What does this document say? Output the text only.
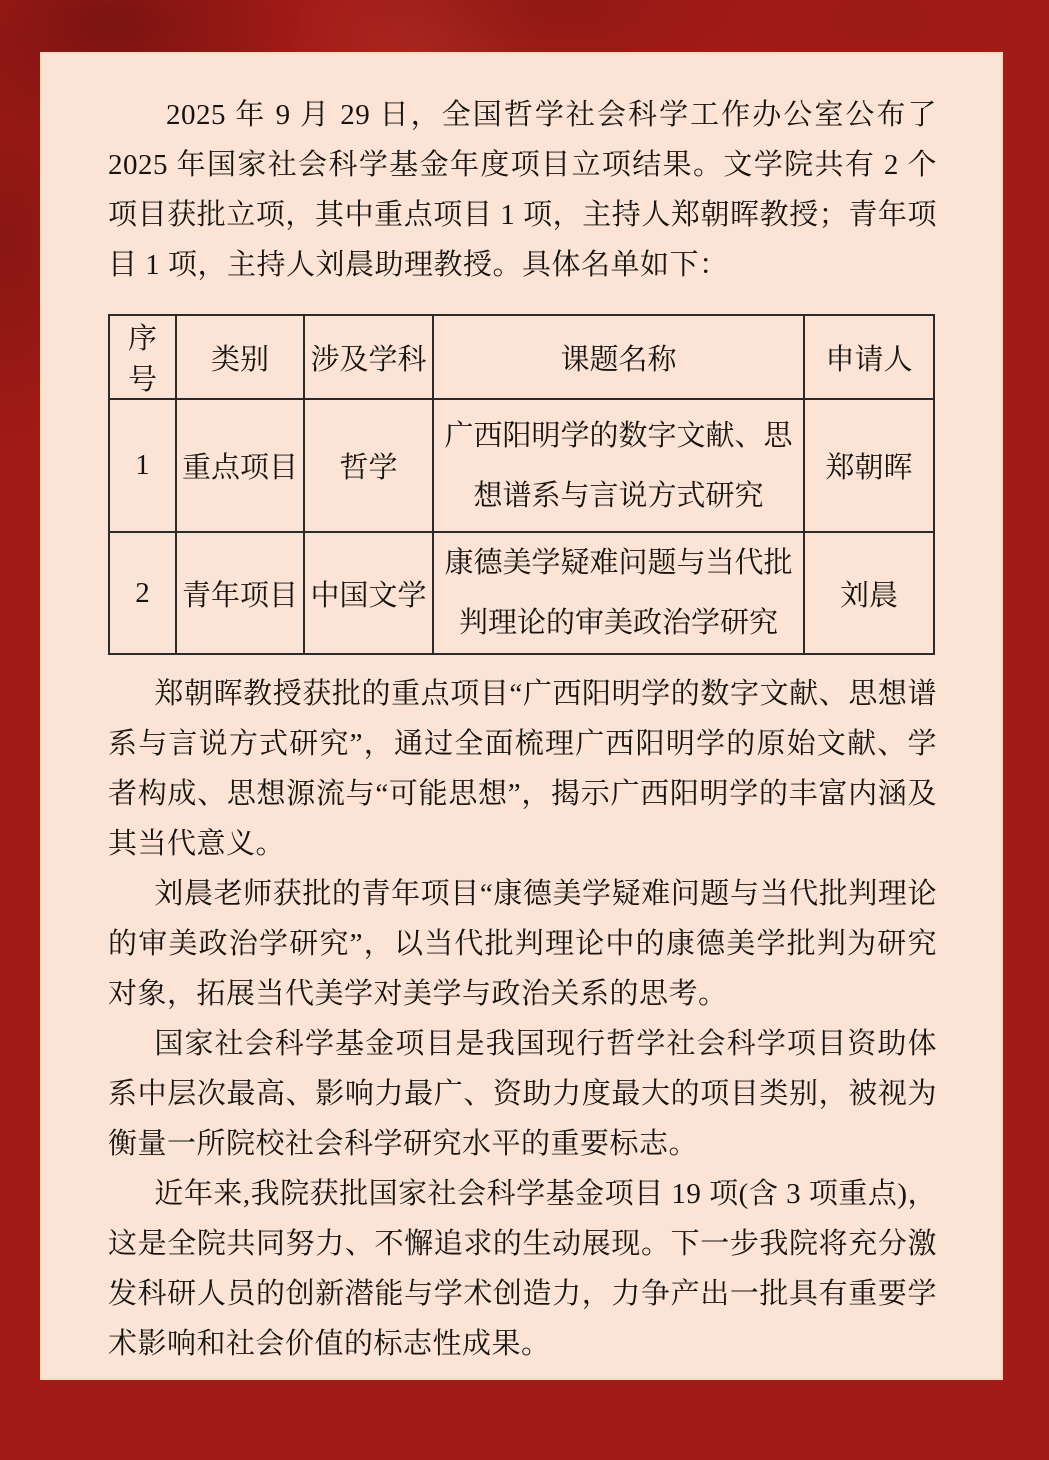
2025 年 9 月 29 日，全国哲学社会科学工作办公室公布了 2025 年国家社会科学基金年度项目立项结果。文学院共有 2 个项目获批立项，其中重点项目 1 项，主持人郑朝晖教授；青年项目 1 项，主持人刘晨助理教授。具体名单如下：

序号	类别	涉及学科	课题名称	申请人
1	重点项目	哲学	广西阳明学的数字文献、思想谱系与言说方式研究	郑朝晖
2	青年项目	中国文学	康德美学疑难问题与当代批判理论的审美政治学研究	刘晨

郑朝晖教授获批的重点项目“广西阳明学的数字文献、思想谱系与言说方式研究”，通过全面梳理广西阳明学的原始文献、学者构成、思想源流与“可能思想”，揭示广西阳明学的丰富内涵及其当代意义。

刘晨老师获批的青年项目“康德美学疑难问题与当代批判理论的审美政治学研究”，以当代批判理论中的康德美学批判为研究对象，拓展当代美学对美学与政治关系的思考。

国家社会科学基金项目是我国现行哲学社会科学项目资助体系中层次最高、影响力最广、资助力度最大的项目类别，被视为衡量一所院校社会科学研究水平的重要标志。

近年来,我院获批国家社会科学基金项目 19 项(含 3 项重点)，这是全院共同努力、不懈追求的生动展现。下一步我院将充分激发科研人员的创新潜能与学术创造力，力争产出一批具有重要学术影响和社会价值的标志性成果。
